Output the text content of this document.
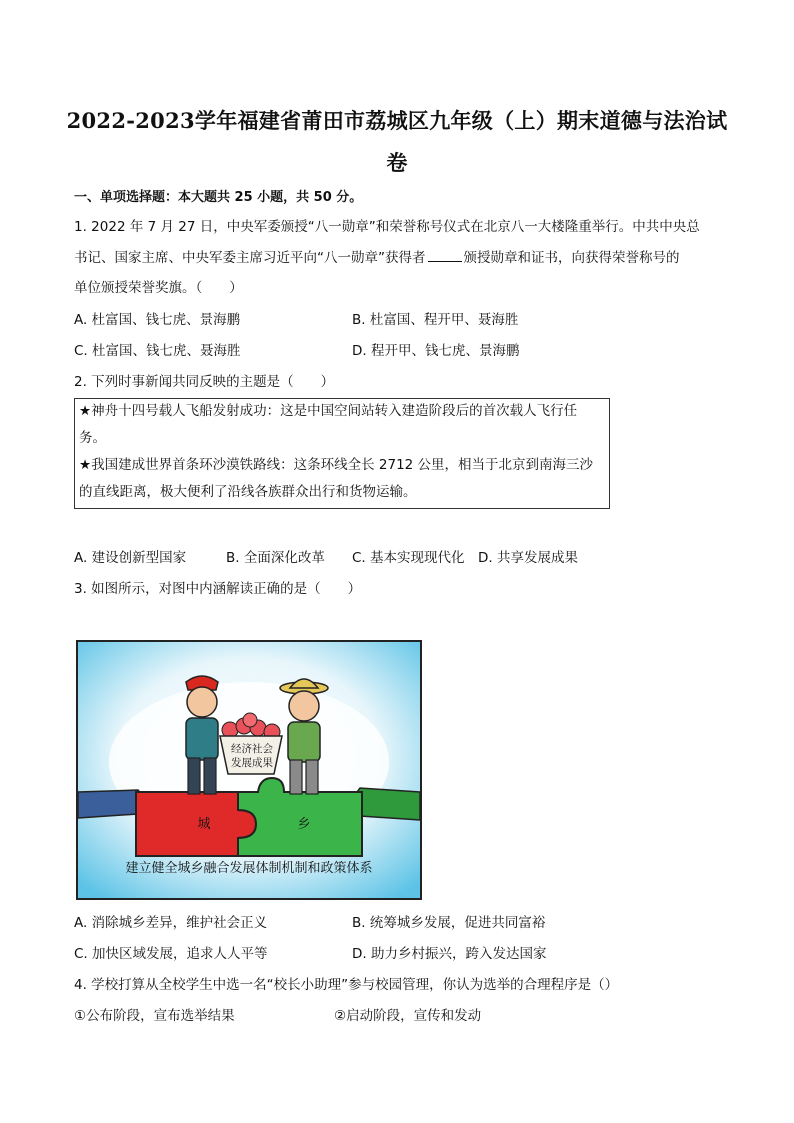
2022-2023学年福建省莆田市荔城区九年级（上）期末道德与法治试
卷
一、单项选择题：本大题共 25 小题，共 50 分。
1. 2022 年 7 月 27 日，中央军委颁授“八一勋章”和荣誉称号仪式在北京八一大楼隆重举行。中共中央总
书记、国家主席、中央军委主席习近平向“八一勋章”获得者	颁授勋章和证书，向获得荣誉称号的
单位颁授荣誉奖旗。（　　）
A. 杜富国、钱七虎、景海鹏	B. 杜富国、程开甲、聂海胜
C. 杜富国、钱七虎、聂海胜	D. 程开甲、钱七虎、景海鹏
2. 下列时事新闻共同反映的主题是（　　）
★神舟十四号载人飞船发射成功：这是中国空间站转入建造阶段后的首次载人飞行任
务。
★我国建成世界首条环沙漠铁路线：这条环线全长 2712 公里，相当于北京到南海三沙
的直线距离，极大便利了沿线各族群众出行和货物运输。
A. 建设创新型国家	B. 全面深化改革 C. 基本实现现代化 D. 共享发展成果
3. 如图所示，对图中内涵解读正确的是（　　）
经济社会
发展成果
城	乡
建立健全城乡融合发展体制机制和政策体系
A. 消除城乡差异，维护社会正义	B. 统筹城乡发展，促进共同富裕
C. 加快区域发展，追求人人平等	D. 助力乡村振兴，跨入发达国家
4. 学校打算从全校学生中选一名“校长小助理”参与校园管理，你认为选举的合理程序是（）
①公布阶段，宣布选举结果	②启动阶段，宣传和发动
